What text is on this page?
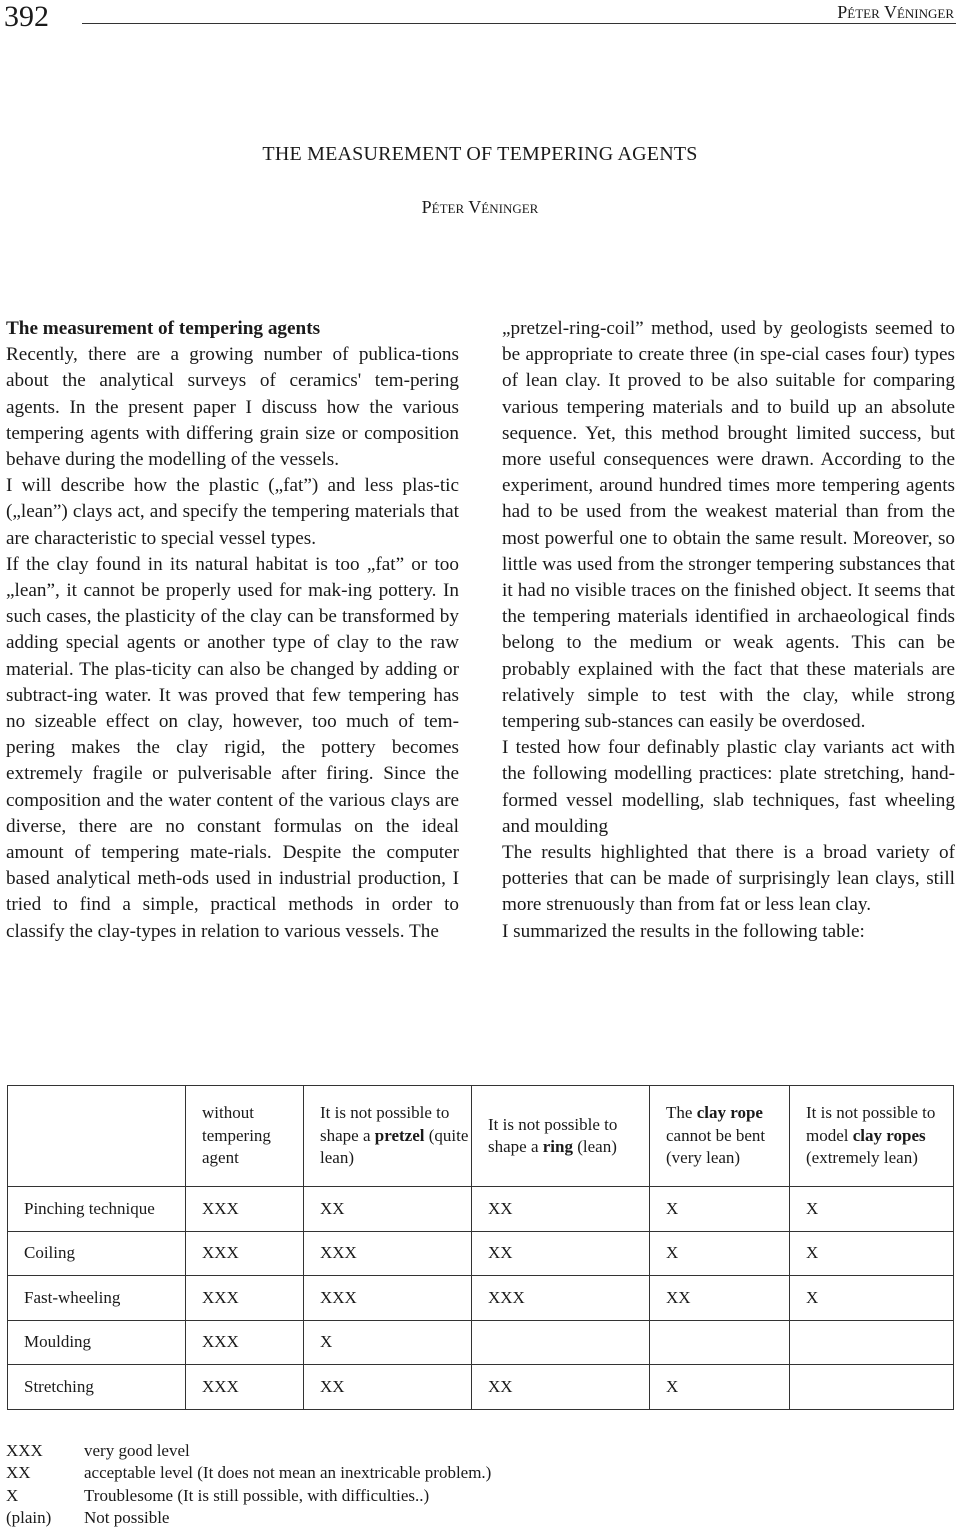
392	Péter Véninger
THE MEASUREMENT OF TEMPERING AGENTS
Péter Véninger

The measurement of tempering agents

Recently, there are a growing number of publica-tions about the analytical surveys of ceramics' tem-pering agents. In the present paper I discuss how the various tempering agents with differing grain size or composition behave during the modelling of the vessels.

I will describe how the plastic („fat”) and less plas-tic („lean”) clays act, and specify the tempering materials that are characteristic to special vessel types.

If the clay found in its natural habitat is too „fat” or too „lean”, it cannot be properly used for mak-ing pottery. In such cases, the plasticity of the clay can be transformed by adding special agents or another type of clay to the raw material. The plas-ticity can also be changed by adding or subtract-ing water. It was proved that few tempering has no sizeable effect on clay, however, too much of tem-pering makes the clay rigid, the pottery becomes extremely fragile or pulverisable after firing. Since the composition and the water content of the various clays are diverse, there are no constant formulas on the ideal amount of tempering mate-rials. Despite the computer based analytical meth-ods used in industrial production, I tried to find a simple, practical methods in order to classify the clay-types in relation to various vessels. The

„pretzel-ring-coil” method, used by geologists seemed to be appropriate to create three (in spe-cial cases four) types of lean clay. It proved to be also suitable for comparing various tempering materials and to build up an absolute sequence. Yet, this method brought limited success, but more useful consequences were drawn. According to the experiment, around hundred times more tempering agents had to be used from the weakest material than from the most powerful one to obtain the same result. Moreover, so little was used from the stronger tempering substances that it had no visible traces on the finished object. It seems that the tempering materials identified in archaeological finds belong to the medium or weak agents. This can be probably explained with the fact that these materials are relatively simple to test with the clay, while strong tempering sub-stances can easily be overdosed.

I tested how four definably plastic clay variants act with the following modelling practices: plate stretching, hand-formed vessel modelling, slab techniques, fast wheeling and moulding

The results highlighted that there is a broad variety of potteries that can be made of surprisingly lean clays, still more strenuously than from fat or less lean clay.

I summarized the results in the following table:

	without tempering agent	It is not possible to shape a pretzel (quite lean)	It is not possible to shape a ring (lean)	The clay rope cannot be bent (very lean)	It is not possible to model clay ropes (extremely lean)
Pinching technique	XXX	XX	XX	X	X
Coiling	XXX	XXX	XX	X	X
Fast-wheeling	XXX	XXX	XXX	XX	X
Moulding	XXX	X			
Stretching	XXX	XX	XX	X	
XXX	very good level
XX	acceptable level (It does not mean an inextricable problem.)
X	Troublesome (It is still possible, with difficulties..)
(plain)	Not possible
